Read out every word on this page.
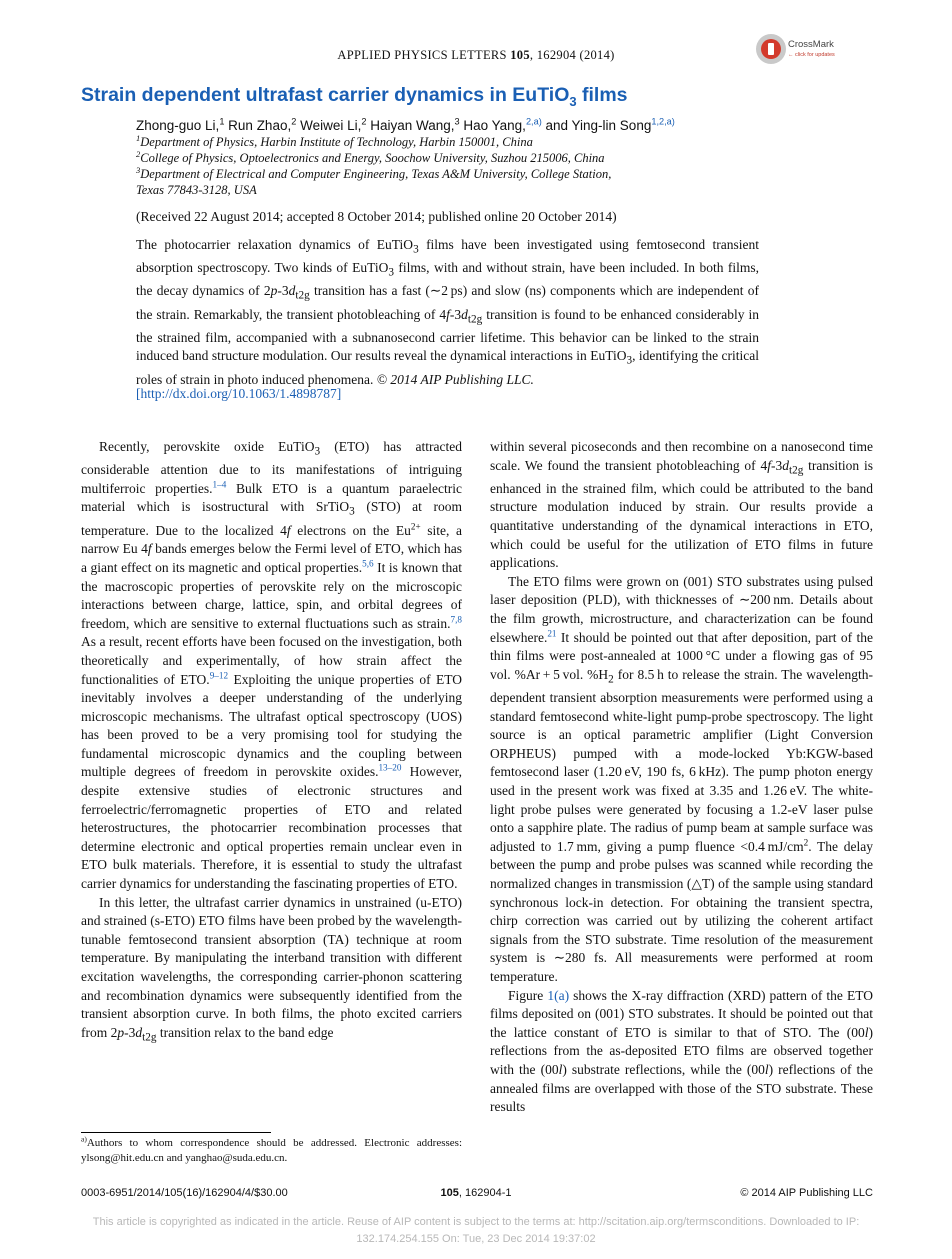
APPLIED PHYSICS LETTERS 105, 162904 (2014)
CrossMark
← click for updates
Strain dependent ultrafast carrier dynamics in EuTiO$_3$ films
Zhong-guo Li,$^1$ Run Zhao,$^2$ Weiwei Li,$^2$ Haiyan Wang,$^3$ Hao Yang,$^{2,a)}$ and Ying-lin Song$^{1,2,a)}$
$^1$Department of Physics, Harbin Institute of Technology, Harbin 150001, China
$^2$College of Physics, Optoelectronics and Energy, Soochow University, Suzhou 215006, China
$^3$Department of Electrical and Computer Engineering, Texas A&M University, College Station,
Texas 77843-3128, USA
(Received 22 August 2014; accepted 8 October 2014; published online 20 October 2014)
The photocarrier relaxation dynamics of EuTiO$_3$ films have been investigated using femtosecond transient absorption spectroscopy. Two kinds of EuTiO$_3$ films, with and without strain, have been included. In both films, the decay dynamics of $2p-3d_{t2g}$ transition has a fast (∼2 ps) and slow (ns) components which are independent of the strain. Remarkably, the transient photobleaching of $4f-3d_{t2g}$ transition is found to be enhanced considerably in the strained film, accompanied with a subnanosecond carrier lifetime. This behavior can be linked to the strain induced band structure modulation. Our results reveal the dynamical interactions in EuTiO$_3$, identifying the critical roles of strain in photo induced phenomena. © 2014 AIP Publishing LLC.
[http://dx.doi.org/10.1063/1.4898787]

Recently, perovskite oxide EuTiO$_3$ (ETO) has attracted considerable attention due to its manifestations of intriguing multiferroic properties.$^{1-4}$ Bulk ETO is a quantum paraelectric material which is isostructural with SrTiO$_3$ (STO) at room temperature. Due to the localized 4f electrons on the $Eu^{2+}$ site, a narrow Eu 4f bands emerges below the Fermi level of ETO, which has a giant effect on its magnetic and optical properties.$^{5,6}$ It is known that the macroscopic properties of perovskite rely on the microscopic interactions between charge, lattice, spin, and orbital degrees of freedom, which are sensitive to external fluctuations such as strain.$^{7,8}$ As a result, recent efforts have been focused on the investigation, both theoretically and experimentally, of how strain affect the functionalities of ETO.$^{9-12}$ Exploiting the unique properties of ETO inevitably involves a deeper understanding of the underlying microscopic mechanisms. The ultrafast optical spectroscopy (UOS) has been proved to be a very promising tool for studying the fundamental microscopic dynamics and the coupling between multiple degrees of freedom in perovskite oxides.$^{13-20}$ However, despite extensive studies of electronic structures and ferroelectric/ferromagnetic properties of ETO and related heterostructures, the photocarrier recombination processes that determine electronic and optical properties remain unclear even in ETO bulk materials. Therefore, it is essential to study the ultrafast carrier dynamics for understanding the fascinating properties of ETO.

In this letter, the ultrafast carrier dynamics in unstrained (u-ETO) and strained (s-ETO) ETO films have been probed by the wavelength-tunable femtosecond transient absorption (TA) technique at room temperature. By manipulating the interband transition with different excitation wavelengths, the corresponding carrier-phonon scattering and recombination dynamics were subsequently identified from the transient absorption curve. In both films, the photo excited carriers from $2p-3d_{t2g}$ transition relax to the band edge

within several picoseconds and then recombine on a nanosecond time scale. We found the transient photobleaching of $4f-3d_{t2g}$ transition is enhanced in the strained film, which could be attributed to the band structure modulation induced by strain. Our results provide a quantitative understanding of the dynamical interactions in ETO, which could be useful for the utilization of ETO films in future applications.

The ETO films were grown on (001) STO substrates using pulsed laser deposition (PLD), with thicknesses of ∼200 nm. Details about the film growth, microstructure, and characterization can be found elsewhere.$^{21}$ It should be pointed out that after deposition, part of the thin films were post-annealed at 1000 °C under a flowing gas of 95 vol. %Ar + 5 vol. $\%H_2$ for 8.5 h to release the strain. The wavelength-dependent transient absorption measurements were performed using a standard femtosecond white-light pump-probe spectroscopy. The light source is an optical parametric amplifier (Light Conversion ORPHEUS) pumped with a mode-locked Yb:KGW-based femtosecond laser (1.20 eV, 190 fs, 6 kHz). The pump photon energy used in the present work was fixed at 3.35 and 1.26 eV. The white-light probe pulses were generated by focusing a 1.2-eV laser pulse onto a sapphire plate. The radius of pump beam at sample surface was adjusted to 1.7 mm, giving a pump fluence <0.4 $mJ/cm^2$. The delay between the pump and probe pulses was scanned while recording the normalized changes in transmission (△T) of the sample using standard synchronous lock-in detection. For obtaining the transient spectra, chirp correction was carried out by utilizing the coherent artifact signals from the STO substrate. Time resolution of the measurement system is ∼280 fs. All measurements were performed at room temperature.

Figure 1(a) shows the X-ray diffraction (XRD) pattern of the ETO films deposited on (001) STO substrates. It should be pointed out that the lattice constant of ETO is similar to that of STO. The (00l) reflections from the as-deposited ETO films are observed together with the (00l) substrate reflections, while the (00l) reflections of the annealed films are overlapped with those of the STO substrate. These results

$^{a)}$Authors to whom correspondence should be addressed. Electronic addresses: ylsong@hit.edu.cn and yanghao@suda.edu.cn.
0003-6951/2014/105(16)/162904/4/$30.00	105, 162904-1	© 2014 AIP Publishing LLC
This article is copyrighted as indicated in the article. Reuse of AIP content is subject to the terms at: http://scitation.aip.org/termsconditions. Downloaded to IP:
132.174.254.155 On: Tue, 23 Dec 2014 19:37:02
